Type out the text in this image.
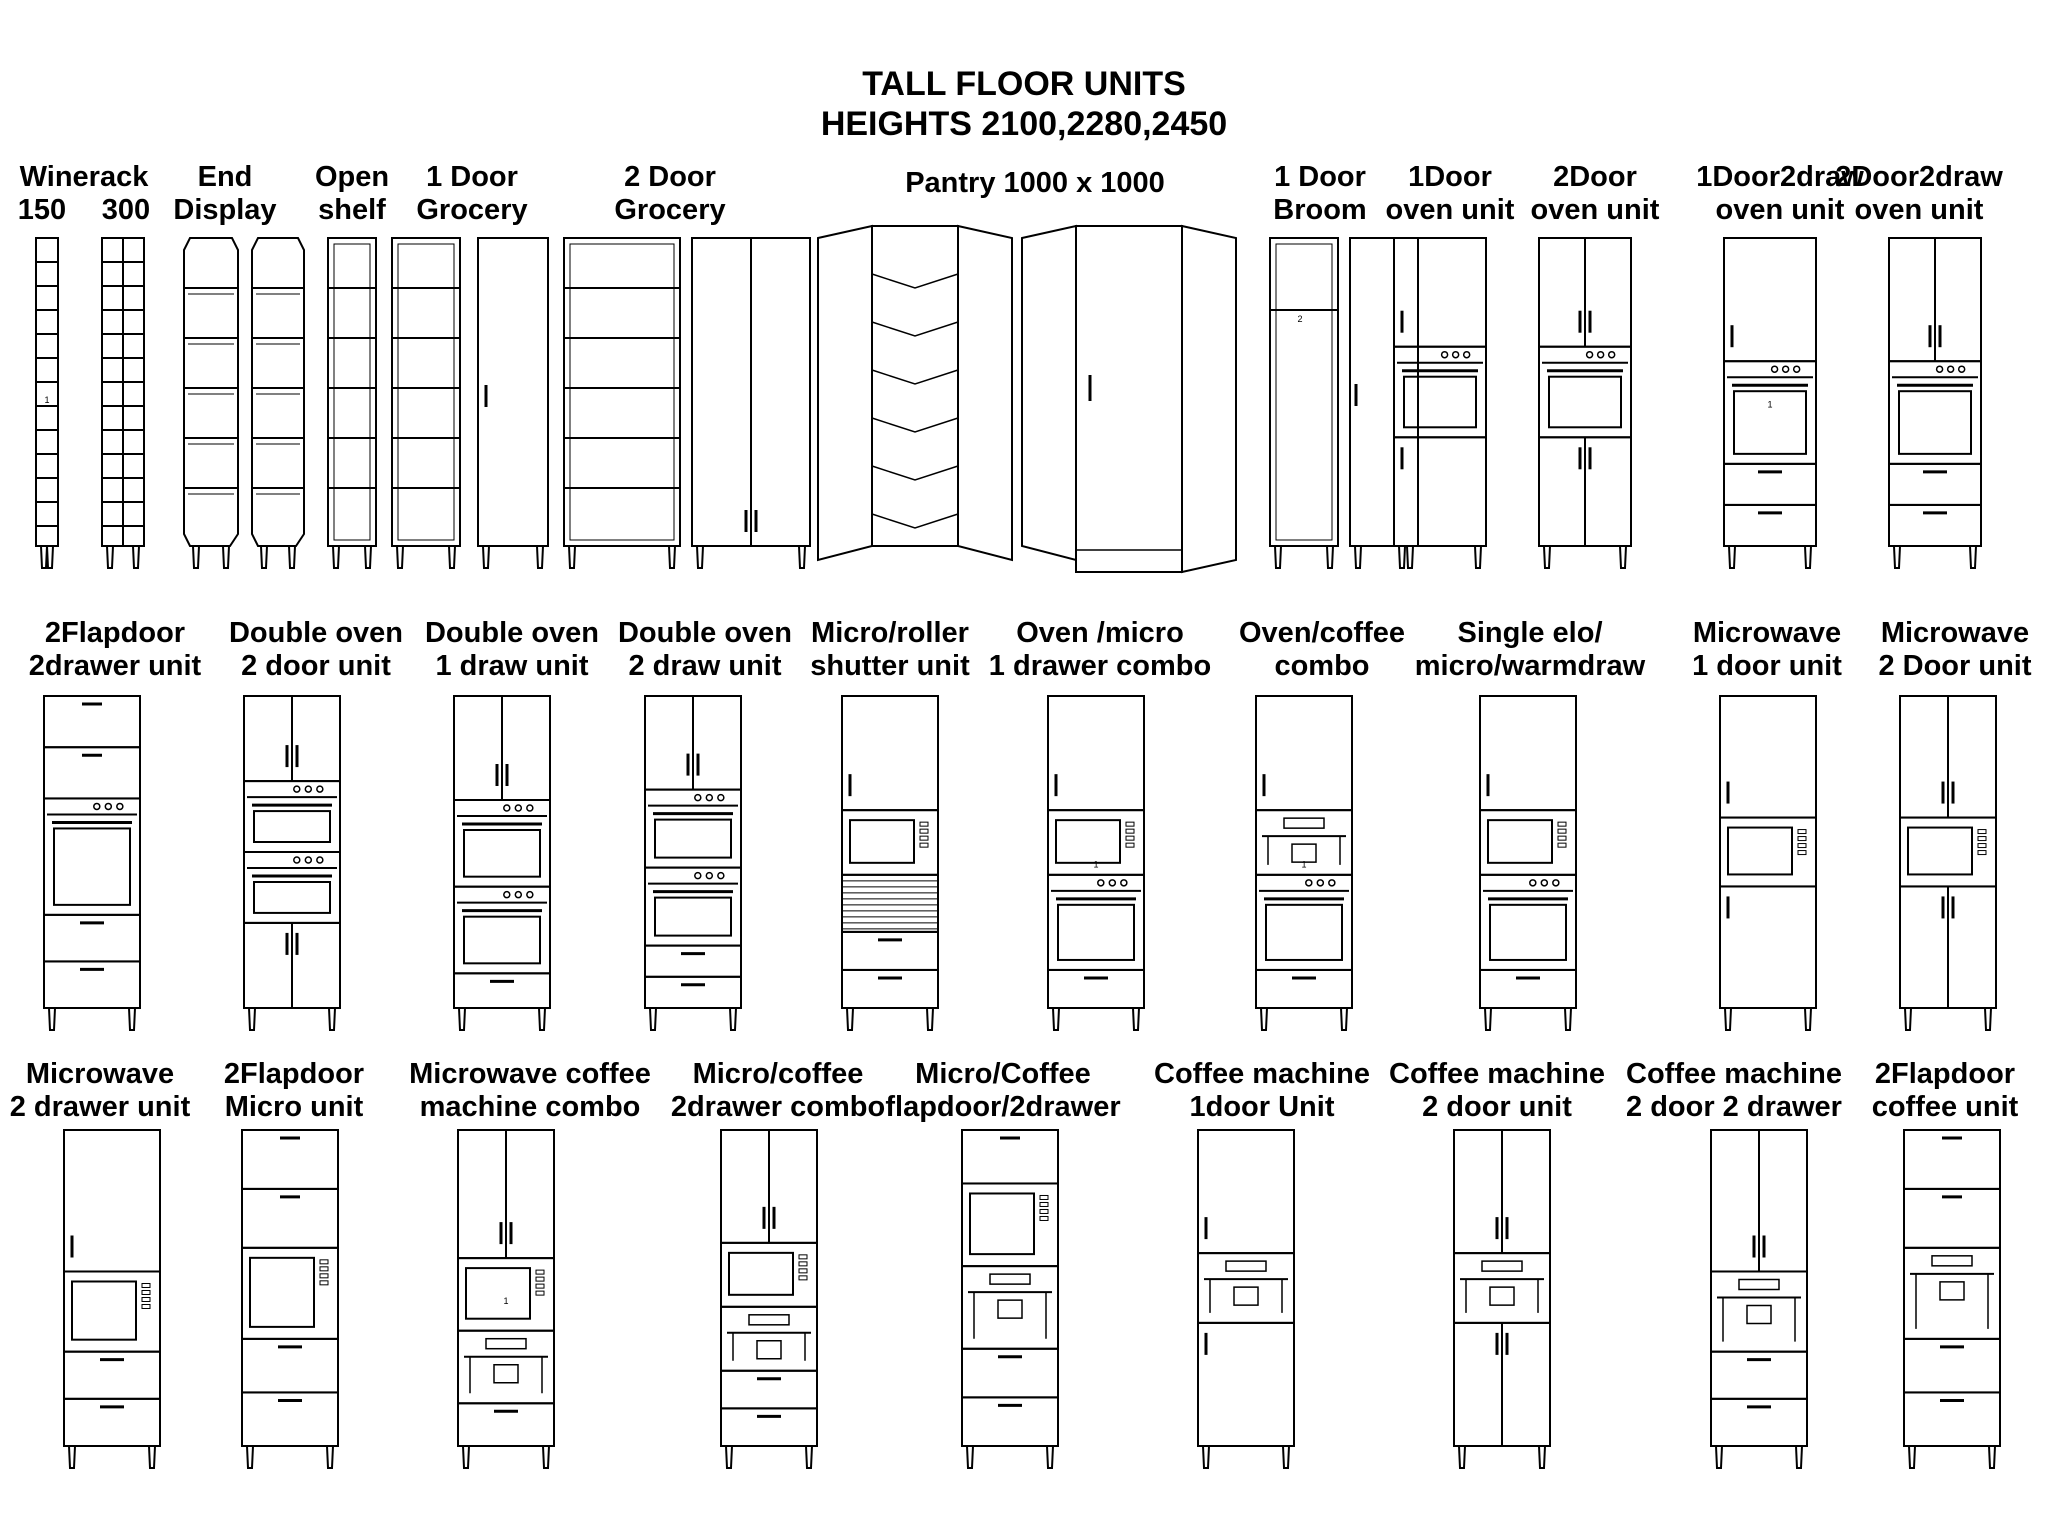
TALL FLOOR UNITS
HEIGHTS 2100,2280,2450
1
2
1
1	1
1
Winerack
150	300
End
Display
Open
shelf
1 Door
Grocery
2 Door
Grocery
Pantry 1000 x 1000	1 Door
Broom
1Door
oven unit
2Door
oven unit
1Door2draw
oven unit
2Door2draw
oven unit
2Flapdoor
2drawer unit
Double oven
2 door unit
Double oven
1 draw unit
Double oven
2 draw unit
Micro/roller
shutter unit
Oven /micro
1 drawer combo
Oven/coffee
combo
Single elo/
micro/warmdraw
Microwave
1 door unit
Microwave
2 Door unit
Microwave
2 drawer unit
2Flapdoor
Micro unit
Microwave coffee
machine combo
Micro/coffee
2drawer combo
Micro/Coffee
flapdoor/2drawer
Coffee machine
1door Unit
Coffee machine
2 door unit
Coffee machine
2 door 2 drawer
2Flapdoor
coffee unit
